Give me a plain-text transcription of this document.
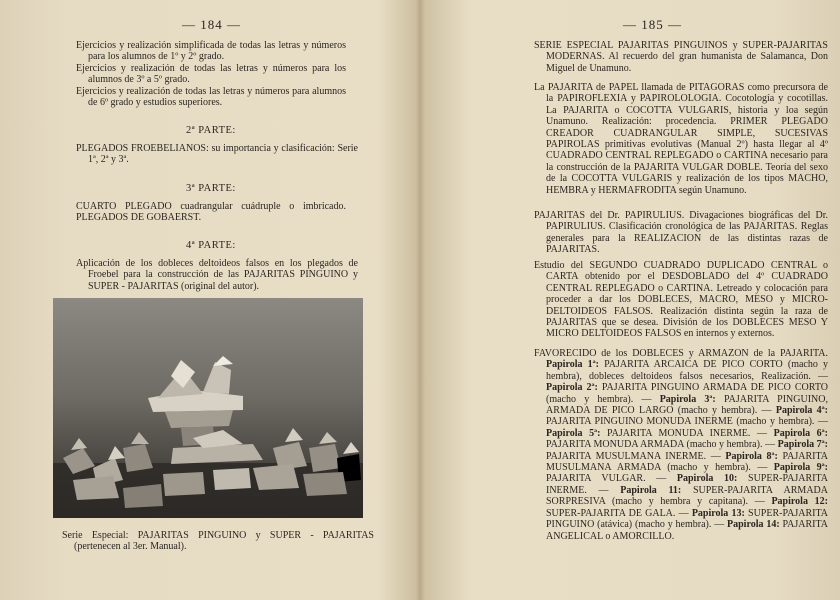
— 184 —
Ejercicios y realización simplificada de todas las letras y números para los alumnos de 1º y 2º grado.
Ejercicios y realización de todas las letras y números para los alumnos de 3º a 5º grado.
Ejercicios y realización de todas las letras y números para alumnos de 6º grado y estudios superiores.
2ª PARTE:
PLEGADOS FROEBELIANOS: su importancia y clasificación: Serie 1ª, 2ª y 3ª.
3ª PARTE:
CUARTO PLEGADO cuadrangular cuádruple o imbricado. PLEGADOS DE GOBAERST.
4ª PARTE:
Aplicación de los dobleces deltoideos falsos en los plegados de Froebel para la construcción de las PAJARITAS PINGUINO y SUPER - PAJARITAS (original del autor).
Serie Especial: PAJARITAS PINGUINO y SUPER - PAJARITAS (pertenecen al 3er. Manual).
— 185 —
SERIE ESPECIAL PAJARITAS PINGUINOS y SUPER-PAJARITAS MODERNAS. Al recuerdo del gran humanista de Salamanca, Don Miguel de Unamuno.
La PAJARITA de PAPEL llamada de PITAGORAS como precursora de la PAPIROFLEXIA y PAPIROLOLOGIA. Cocotología y cocotillas. La PAJARITA o COCOTTA VULGARIS, historia y loa según Unamuno. Realización: procedencia. PRIMER PLEGADO CREADOR CUADRANGULAR SIMPLE, SUCESIVAS PAPIROLAS primitivas evolutivas (Manual 2º) hasta llegar al 4º CUADRADO CENTRAL REPLEGADO o CARTINA necesario para la construcción de la PAJARITA VULGAR DOBLE. Teoría del sexo de la COCOTTA VULGARIS y realización de los tipos MACHO, HEMBRA y HERMAFRODITA según Unamuno.
PAJARITAS del Dr. PAPIRULIUS. Divagaciones biográficas del Dr. PAPIRULIUS. Clasificación cronológica de las PAJARITAS. Reglas generales para la REALIZACION de las distintas razas de PAJARITAS.
Estudio del SEGUNDO CUADRADO DUPLICADO CENTRAL o CARTA obtenido por el DESDOBLADO del 4º CUADRADO CENTRAL REPLEGADO o CARTINA. Letreado y colocación para proceder a dar los DOBLECES, MACRO, MESO y MICRO-DELTOIDEOS FALSOS. Realización distinta según la raza de PAJARITAS que se desea. División de los DOBLECES MESO Y MICRO DELTOIDEOS FALSOS en internos y externos.
FAVORECIDO de los DOBLECES y ARMAZON de la PAJARITA. Papirola 1ª: PAJARITA ARCAICA DE PICO CORTO (macho y hembra), dobleces deltoideos falsos necesarios, Realización. — Papirola 2ª: PAJARITA PINGUINO ARMADA DE PICO CORTO (macho y hembra). — Papirola 3ª: PAJARITA PINGUINO, ARMADA DE PICO LARGO (macho y hembra). — Papirola 4ª: PAJARITA PINGUINO MONUDA INERME (macho y hembra). — Papirola 5ª: PAJARITA MONUDA INERME. — Papirola 6ª: PAJARITA MONUDA ARMADA (macho y hembra). — Papirola 7ª: PAJARITA MUSULMANA INERME. — Papirola 8ª: PAJARITA MUSULMANA ARMADA (macho y hembra). — Papirola 9ª: PAJARITA VULGAR. — Papirola 10: SUPER-PAJARITA INERME. — Papirola 11: SUPER-PAJARITA ARMADA SORPRESIVA (macho y hembra y capitana). — Papirola 12: SUPER-PAJARITA DE GALA. — Papirola 13: SUPER-PAJARITA PINGUINO (atávica) (macho y hembra). — Papirola 14: PAJARITA ANGELICAL o AMORCILLO.
